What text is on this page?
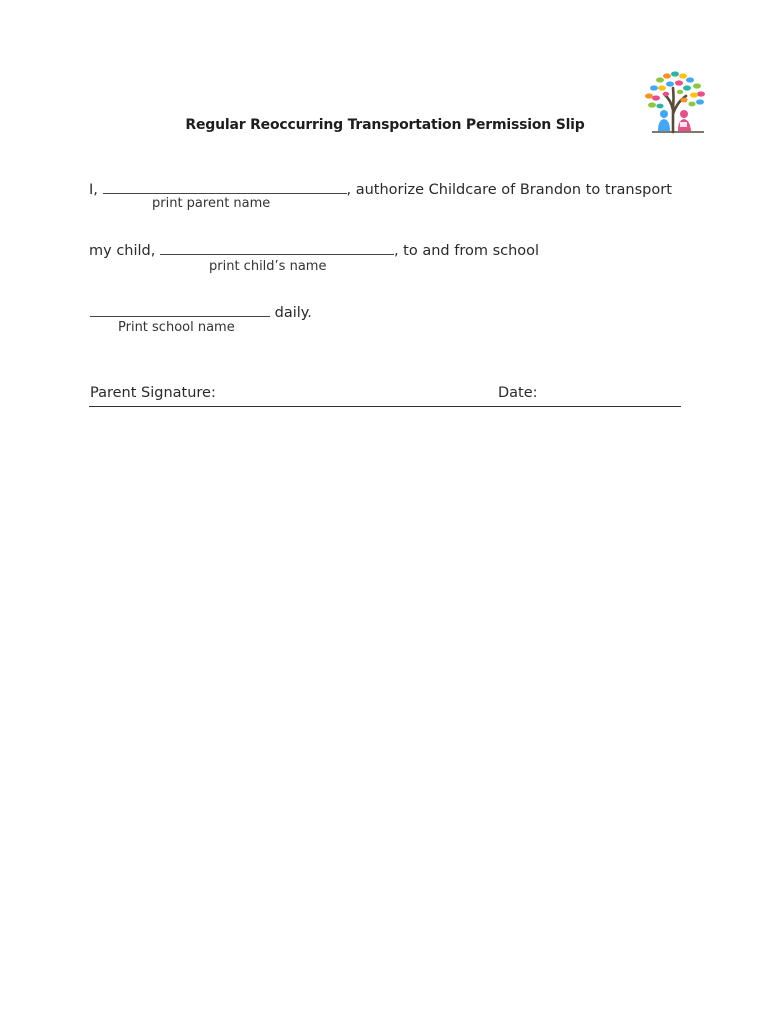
Regular Reoccurring Transportation Permission Slip
I,	, authorize Childcare of Brandon to transport
print parent name
my child,	, to and from school
print child’s name
daily.
Print school name
Parent Signature:	Date:
